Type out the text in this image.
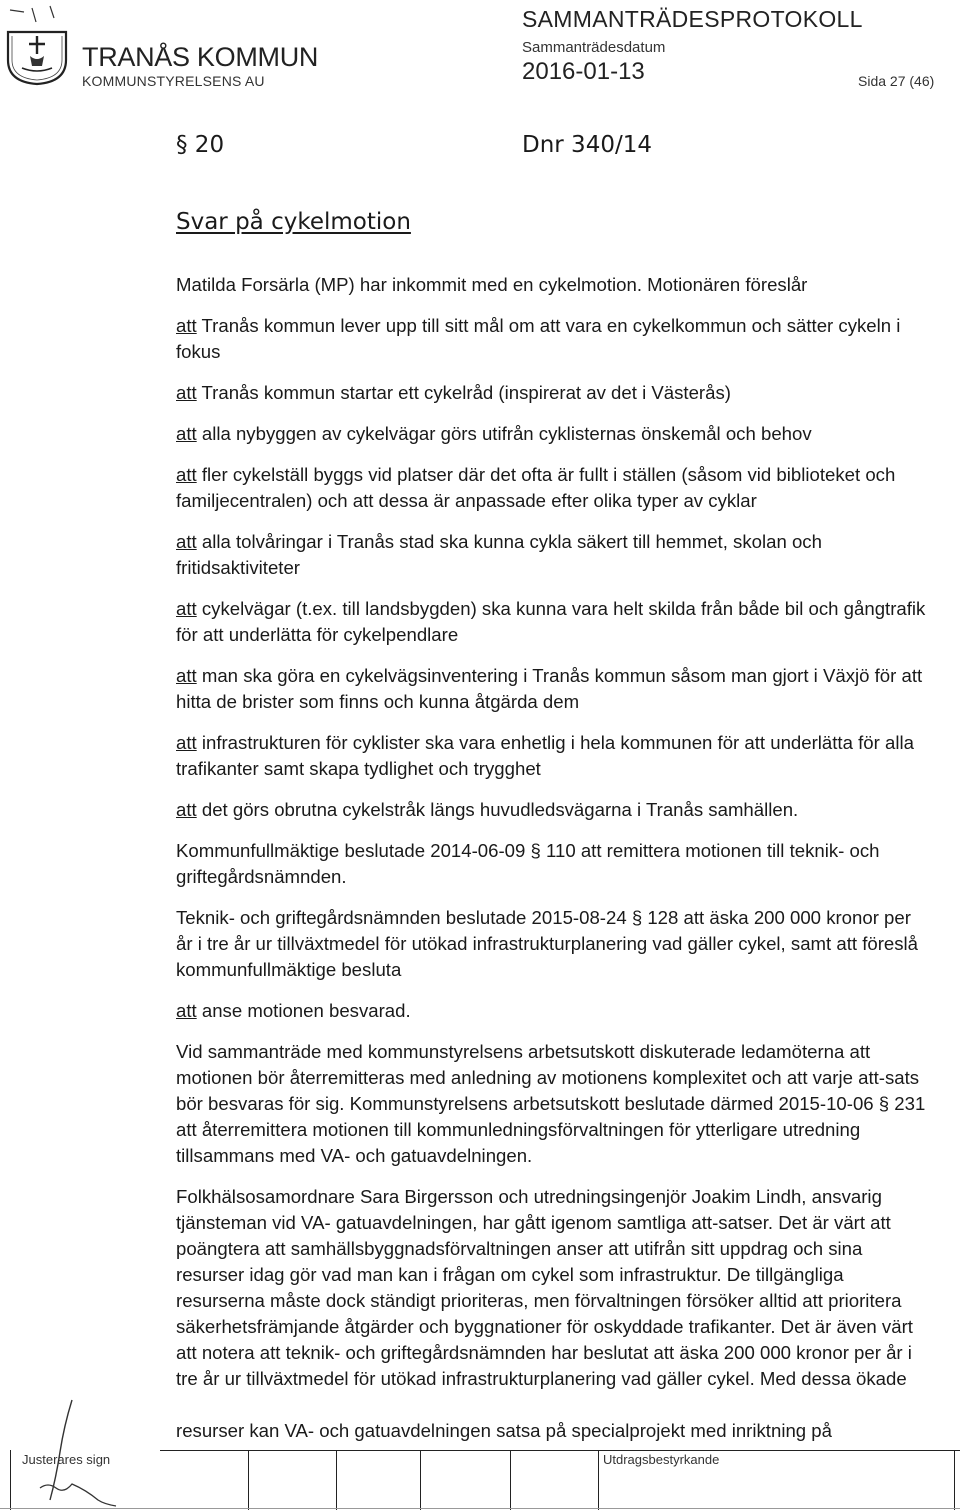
TRANÅS KOMMUN
KOMMUNSTYRELSENS AU
SAMMANTRÄDESPROTOKOLL
Sammanträdesdatum
2016-01-13	Sida 27 (46)
§ 20	Dnr 340/14
Svar på cykelmotion

Matilda Forsärla (MP) har inkommit med en cykelmotion. Motionären föreslår

att Tranås kommun lever upp till sitt mål om att vara en cykelkommun och sätter cykeln i fokus

att Tranås kommun startar ett cykelråd (inspirerat av det i Västerås)

att alla nybyggen av cykelvägar görs utifrån cyklisternas önskemål och behov

att fler cykelställ byggs vid platser där det ofta är fullt i ställen (såsom vid biblioteket och familjecentralen) och att dessa är anpassade efter olika typer av cyklar

att alla tolvåringar i Tranås stad ska kunna cykla säkert till hemmet, skolan och fritidsaktiviteter

att cykelvägar (t.ex. till landsbygden) ska kunna vara helt skilda från både bil och gångtrafik för att underlätta för cykelpendlare

att man ska göra en cykelvägsinventering i Tranås kommun såsom man gjort i Växjö för att hitta de brister som finns och kunna åtgärda dem

att infrastrukturen för cyklister ska vara enhetlig i hela kommunen för att underlätta för alla trafikanter samt skapa tydlighet och trygghet

att det görs obrutna cykelstråk längs huvudledsvägarna i Tranås samhällen.

Kommunfullmäktige beslutade 2014-06-09 § 110 att remittera motionen till teknik- och griftegårdsnämnden.

Teknik- och griftegårdsnämnden beslutade 2015-08-24 § 128 att äska 200 000 kronor per år i tre år ur tillväxtmedel för utökad infrastrukturplanering vad gäller cykel, samt att föreslå kommunfullmäktige besluta

att anse motionen besvarad.

Vid sammanträde med kommunstyrelsens arbetsutskott diskuterade ledamöterna att motionen bör återremitteras med anledning av motionens komplexitet och att varje att-sats bör besvaras för sig. Kommunstyrelsens arbetsutskott beslutade därmed 2015-10-06 § 231 att återremittera motionen till kommunledningsförvaltningen för ytterligare utredning tillsammans med VA- och gatuavdelningen.

Folkhälsosamordnare Sara Birgersson och utredningsingenjör Joakim Lindh, ansvarig tjänsteman vid VA- gatuavdelningen, har gått igenom samtliga att-satser. Det är värt att poängtera att samhällsbyggnadsförvaltningen anser att utifrån sitt uppdrag och sina resurser idag gör vad man kan i frågan om cykel som infrastruktur. De tillgängliga resurserna måste dock ständigt prioriteras, men förvaltningen försöker alltid att prioritera säkerhetsfrämjande åtgärder och byggnationer för oskyddade trafikanter. Det är även värt att notera att teknik- och griftegårdsnämnden har beslutat att äska 200 000 kronor per år i tre år ur tillväxtmedel för utökad infrastrukturplanering vad gäller cykel. Med dessa ökade

resurser kan VA- och gatuavdelningen satsa på specialprojekt med inriktning på
Justerares sign	Utdragsbestyrkande
